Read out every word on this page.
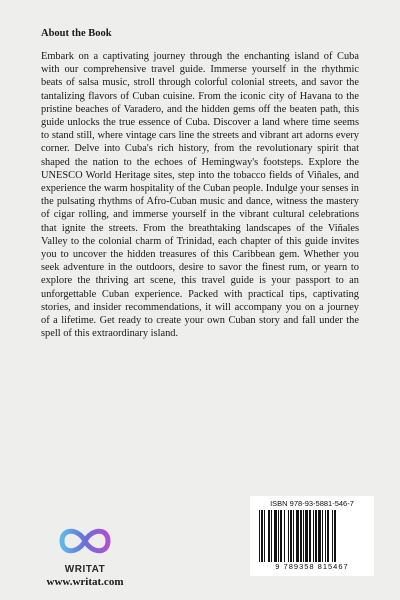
About the Book

Embark on a captivating journey through the enchanting island of Cuba with our comprehensive travel guide. Immerse yourself in the rhythmic beats of salsa music, stroll through colorful colonial streets, and savor the tantalizing flavors of Cuban cuisine. From the iconic city of Havana to the pristine beaches of Varadero, and the hidden gems off the beaten path, this guide unlocks the true essence of Cuba. Discover a land where time seems to stand still, where vintage cars line the streets and vibrant art adorns every corner. Delve into Cuba's rich history, from the revolutionary spirit that shaped the nation to the echoes of Hemingway's footsteps. Explore the UNESCO World Heritage sites, step into the tobacco fields of Viñales, and experience the warm hospitality of the Cuban people. Indulge your senses in the pulsating rhythms of Afro-Cuban music and dance, witness the mastery of cigar rolling, and immerse yourself in the vibrant cultural celebrations that ignite the streets. From the breathtaking landscapes of the Viñales Valley to the colonial charm of Trinidad, each chapter of this guide invites you to uncover the hidden treasures of this Caribbean gem. Whether you seek adventure in the outdoors, desire to savor the finest rum, or yearn to explore the thriving art scene, this travel guide is your passport to an unforgettable Cuban experience. Packed with practical tips, captivating stories, and insider recommendations, it will accompany you on a journey of a lifetime. Get ready to create your own Cuban story and fall under the spell of this extraordinary island.

WRITAT
www.writat.com
ISBN 978-93-5881-546-7
9 789358 815467
